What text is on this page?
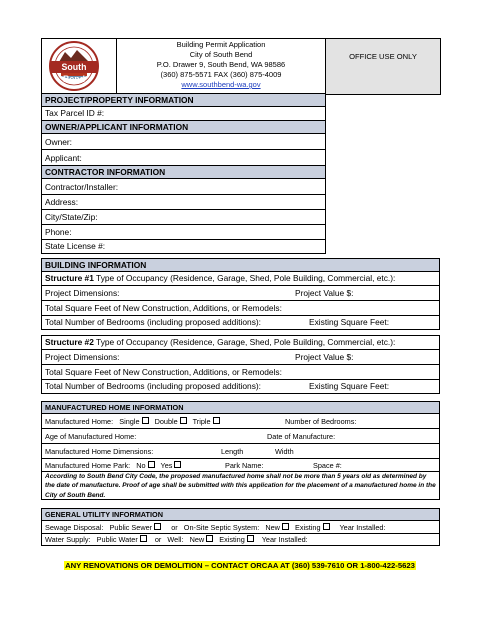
OFFICE USE ONLY
South Bend
Building Permit Application
City of South Bend
P.O. Drawer 9, South Bend, WA 98586
(360) 875-5571 FAX (360) 875-4009
www.southbend-wa.gov
PROJECT/PROPERTY INFORMATION
Tax Parcel ID #:
OWNER/APPLICANT INFORMATION
Owner:
Applicant:
CONTRACTOR INFORMATION
Contractor/Installer:
Address:
City/State/Zip:
Phone:
State License #:
BUILDING INFORMATION
Structure #1 Type of Occupancy (Residence, Garage, Shed, Pole Building, Commercial, etc.):
Project Dimensions:	Project Value $:
Total Square Feet of New Construction, Additions, or Remodels:
Total Number of Bedrooms (including proposed additions):	Existing Square Feet:
Structure #2 Type of Occupancy (Residence, Garage, Shed, Pole Building, Commercial, etc.):
Project Dimensions:	Project Value $:
Total Square Feet of New Construction, Additions, or Remodels:
Total Number of Bedrooms (including proposed additions):	Existing Square Feet:
MANUFACTURED HOME INFORMATION
Manufactured Home: Single Double Triple	Number of Bedrooms:
Age of Manufactured Home:	Date of Manufacture:
Manufactured Home Dimensions:	Length	Width
Manufactured Home Park: No Yes	Park Name:	Space #:
According to South Bend City Code, the proposed manufactured home shall not be more than 5 years old as determined by the date of manufacture. Proof of age shall be submitted with this application for the placement of a manufactured home in the City of South Bend.
GENERAL UTILITY INFORMATION
Sewage Disposal: Public Sewer	or On-Site Septic System: New Existing	Year Installed:
Water Supply: Public Water or Well: New Existing Year Installed:
ANY RENOVATIONS OR DEMOLITION – CONTACT ORCAA AT (360) 539-7610 OR 1-800-422-5623
